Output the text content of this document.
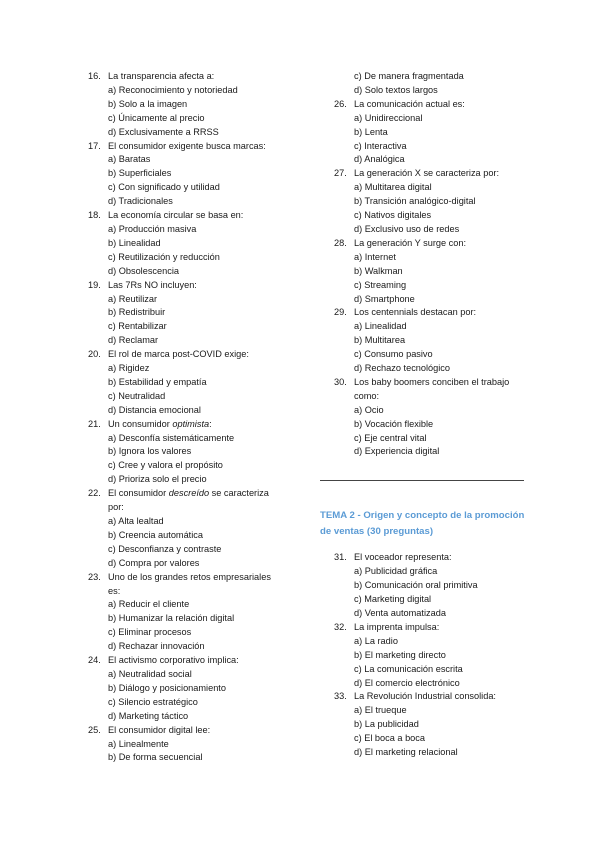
16. La transparencia afecta a:
a) Reconocimiento y notoriedad
b) Solo a la imagen
c) Únicamente al precio
d) Exclusivamente a RRSS
17. El consumidor exigente busca marcas:
a) Baratas
b) Superficiales
c) Con significado y utilidad
d) Tradicionales
18. La economía circular se basa en:
a) Producción masiva
b) Linealidad
c) Reutilización y reducción
d) Obsolescencia
19. Las 7Rs NO incluyen:
a) Reutilizar
b) Redistribuir
c) Rentabilizar
d) Reclamar
20. El rol de marca post-COVID exige:
a) Rigidez
b) Estabilidad y empatía
c) Neutralidad
d) Distancia emocional
21. Un consumidor optimista:
a) Desconfía sistemáticamente
b) Ignora los valores
c) Cree y valora el propósito
d) Prioriza solo el precio
22. El consumidor descreído se caracteriza
por:
a) Alta lealtad
b) Creencia automática
c) Desconfianza y contraste
d) Compra por valores
23. Uno de los grandes retos empresariales
es:
a) Reducir el cliente
b) Humanizar la relación digital
c) Eliminar procesos
d) Rechazar innovación
24. El activismo corporativo implica:
a) Neutralidad social
b) Diálogo y posicionamiento
c) Silencio estratégico
d) Marketing táctico
25. El consumidor digital lee:
a) Linealmente
b) De forma secuencial
c) De manera fragmentada
d) Solo textos largos
26. La comunicación actual es:
a) Unidireccional
b) Lenta
c) Interactiva
d) Analógica
27. La generación X se caracteriza por:
a) Multitarea digital
b) Transición analógico-digital
c) Nativos digitales
d) Exclusivo uso de redes
28. La generación Y surge con:
a) Internet
b) Walkman
c) Streaming
d) Smartphone
29. Los centennials destacan por:
a) Linealidad
b) Multitarea
c) Consumo pasivo
d) Rechazo tecnológico
30. Los baby boomers conciben el trabajo
como:
a) Ocio
b) Vocación flexible
c) Eje central vital
d) Experiencia digital
TEMA 2 - Origen y concepto de la promoción
de ventas (30 preguntas)
31. El voceador representa:
a) Publicidad gráfica
b) Comunicación oral primitiva
c) Marketing digital
d) Venta automatizada
32. La imprenta impulsa:
a) La radio
b) El marketing directo
c) La comunicación escrita
d) El comercio electrónico
33. La Revolución Industrial consolida:
a) El trueque
b) La publicidad
c) El boca a boca
d) El marketing relacional
